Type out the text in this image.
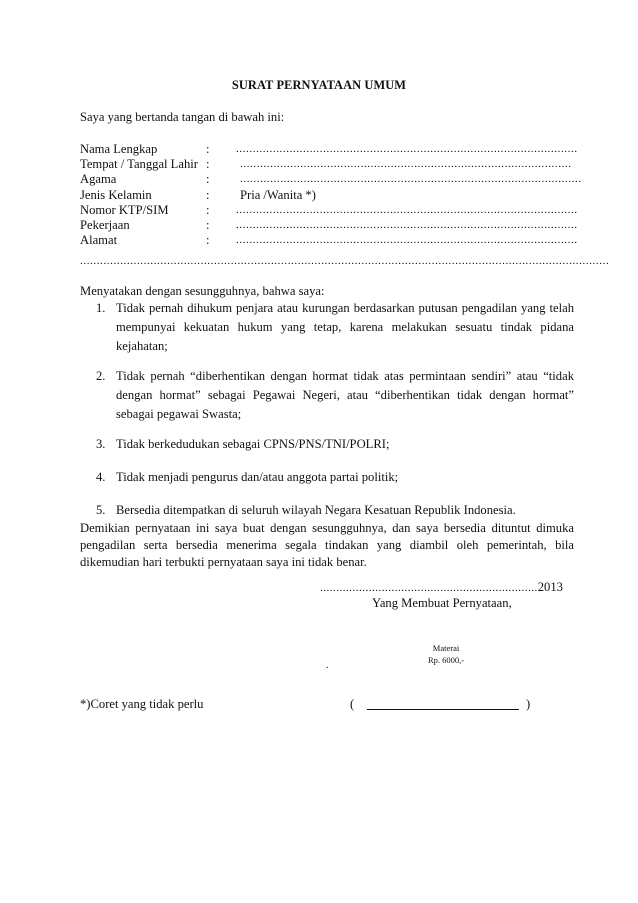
SURAT PERNYATAAN UMUM
Saya yang bertanda tangan di bawah ini:
Nama Lengkap	: ......................................................................................................
Tempat / Tanggal Lahir :	...................................................................................................
Agama	:	......................................................................................................
Jenis Kelamin	: Pria /Wanita *)
Nomor KTP/SIM	: ......................................................................................................
Pekerjaan	: ......................................................................................................
Alamat	: ......................................................................................................
..............................................................................................................................................................
Menyatakan dengan sesungguhnya, bahwa saya:
1. Tidak pernah dihukum penjara atau kurungan berdasarkan putusan pengadilan yang telah mempunyai kekuatan hukum yang tetap, karena melakukan sesuatu tindak pidana kejahatan;
2. Tidak pernah “diberhentikan dengan hormat tidak atas permintaan sendiri” atau “tidak dengan hormat” sebagai Pegawai Negeri, atau “diberhentikan tidak dengan hormat” sebagai pegawai Swasta;
3. Tidak berkedudukan sebagai CPNS/PNS/TNI/POLRI;
4. Tidak menjadi pengurus dan/atau anggota partai politik;
5. Bersedia ditempatkan di seluruh wilayah Negara Kesatuan Republik Indonesia.
Demikian pernyataan ini saya buat dengan sesungguhnya, dan saya bersedia dituntut dimuka pengadilan serta bersedia menerima segala tindakan yang diambil oleh pemerintah, bila dikemudian hari terbukti pernyataan saya ini tidak benar.
...................................................................2013
Yang Membuat Pernyataan,
Materai
Rp. 6000,-
.
*)Coret yang tidak perlu	(	)
